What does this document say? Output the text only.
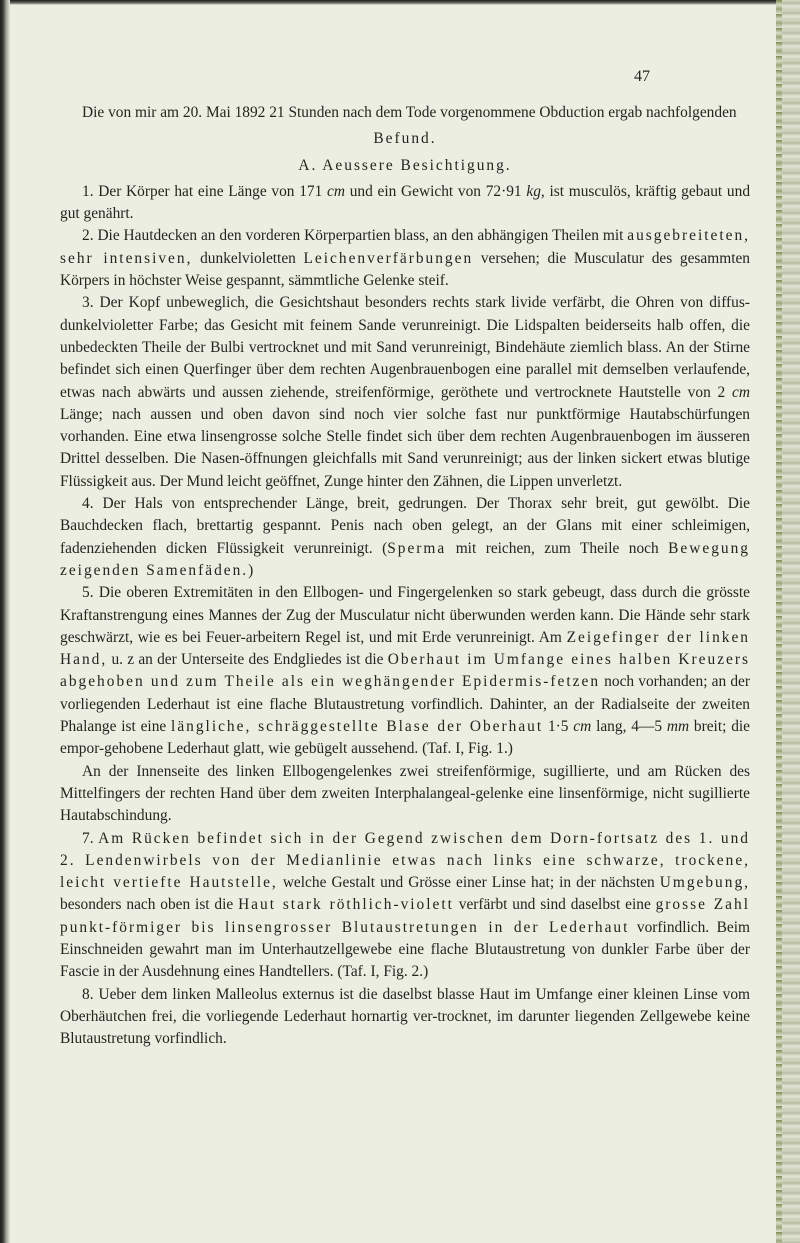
47

Die von mir am 20. Mai 1892 21 Stunden nach dem Tode vorgenommene Obduction ergab nachfolgenden

Befund.

A. Aeussere Besichtigung.

1. Der Körper hat eine Länge von 171 cm und ein Gewicht von 72·91 kg, ist musculös, kräftig gebaut und gut genährt.

2. Die Hautdecken an den vorderen Körperpartien blass, an den abhängigen Theilen mit ausgebreiteten, sehr intensiven, dunkelvioletten Leichenverfärbungen versehen; die Musculatur des gesammten Körpers in höchster Weise gespannt, sämmtliche Gelenke steif.

3. Der Kopf unbeweglich, die Gesichtshaut besonders rechts stark livide verfärbt, die Ohren von diffus-dunkelvioletter Farbe; das Gesicht mit feinem Sande verunreinigt. Die Lidspalten beiderseits halb offen, die unbedeckten Theile der Bulbi vertrocknet und mit Sand verunreinigt, Bindehäute ziemlich blass. An der Stirne befindet sich einen Querfinger über dem rechten Augenbrauenbogen eine parallel mit demselben verlaufende, etwas nach abwärts und aussen ziehende, streifenförmige, geröthete und vertrocknete Hautstelle von 2 cm Länge; nach aussen und oben davon sind noch vier solche fast nur punktförmige Hautabschürfungen vorhanden. Eine etwa linsengrosse solche Stelle findet sich über dem rechten Augenbrauenbogen im äusseren Drittel desselben. Die Nasen-öffnungen gleichfalls mit Sand verunreinigt; aus der linken sickert etwas blutige Flüssigkeit aus. Der Mund leicht geöffnet, Zunge hinter den Zähnen, die Lippen unverletzt.

4. Der Hals von entsprechender Länge, breit, gedrungen. Der Thorax sehr breit, gut gewölbt. Die Bauchdecken flach, brettartig gespannt. Penis nach oben gelegt, an der Glans mit einer schleimigen, fadenziehenden dicken Flüssigkeit verunreinigt. (Sperma mit reichen, zum Theile noch Bewegung zeigenden Samenfäden.)

5. Die oberen Extremitäten in den Ellbogen- und Fingergelenken so stark gebeugt, dass durch die grösste Kraftanstrengung eines Mannes der Zug der Musculatur nicht überwunden werden kann. Die Hände sehr stark geschwärzt, wie es bei Feuer-arbeitern Regel ist, und mit Erde verunreinigt. Am Zeigefinger der linken Hand, u. z an der Unterseite des Endgliedes ist die Oberhaut im Umfange eines halben Kreuzers abgehoben und zum Theile als ein weghängender Epidermis-fetzen noch vorhanden; an der vorliegenden Lederhaut ist eine flache Blutaustretung vorfindlich. Dahinter, an der Radialseite der zweiten Phalange ist eine längliche, schräggestellte Blase der Oberhaut 1·5 cm lang, 4—5 mm breit; die empor-gehobene Lederhaut glatt, wie gebügelt aussehend. (Taf. I, Fig. 1.)

An der Innenseite des linken Ellbogengelenkes zwei streifenförmige, sugillierte, und am Rücken des Mittelfingers der rechten Hand über dem zweiten Interphalangeal-gelenke eine linsenförmige, nicht sugillierte Hautabschindung.

7. Am Rücken befindet sich in der Gegend zwischen dem Dorn-fortsatz des 1. und 2. Lendenwirbels von der Medianlinie etwas nach links eine schwarze, trockene, leicht vertiefte Hautstelle, welche Gestalt und Grösse einer Linse hat; in der nächsten Umgebung, besonders nach oben ist die Haut stark röthlich-violett verfärbt und sind daselbst eine grosse Zahl punkt-förmiger bis linsengrosser Blutaustretungen in der Lederhaut vorfindlich. Beim Einschneiden gewahrt man im Unterhautzellgewebe eine flache Blutaustretung von dunkler Farbe über der Fascie in der Ausdehnung eines Handtellers. (Taf. I, Fig. 2.)

8. Ueber dem linken Malleolus externus ist die daselbst blasse Haut im Umfange einer kleinen Linse vom Oberhäutchen frei, die vorliegende Lederhaut hornartig ver-trocknet, im darunter liegenden Zellgewebe keine Blutaustretung vorfindlich.
